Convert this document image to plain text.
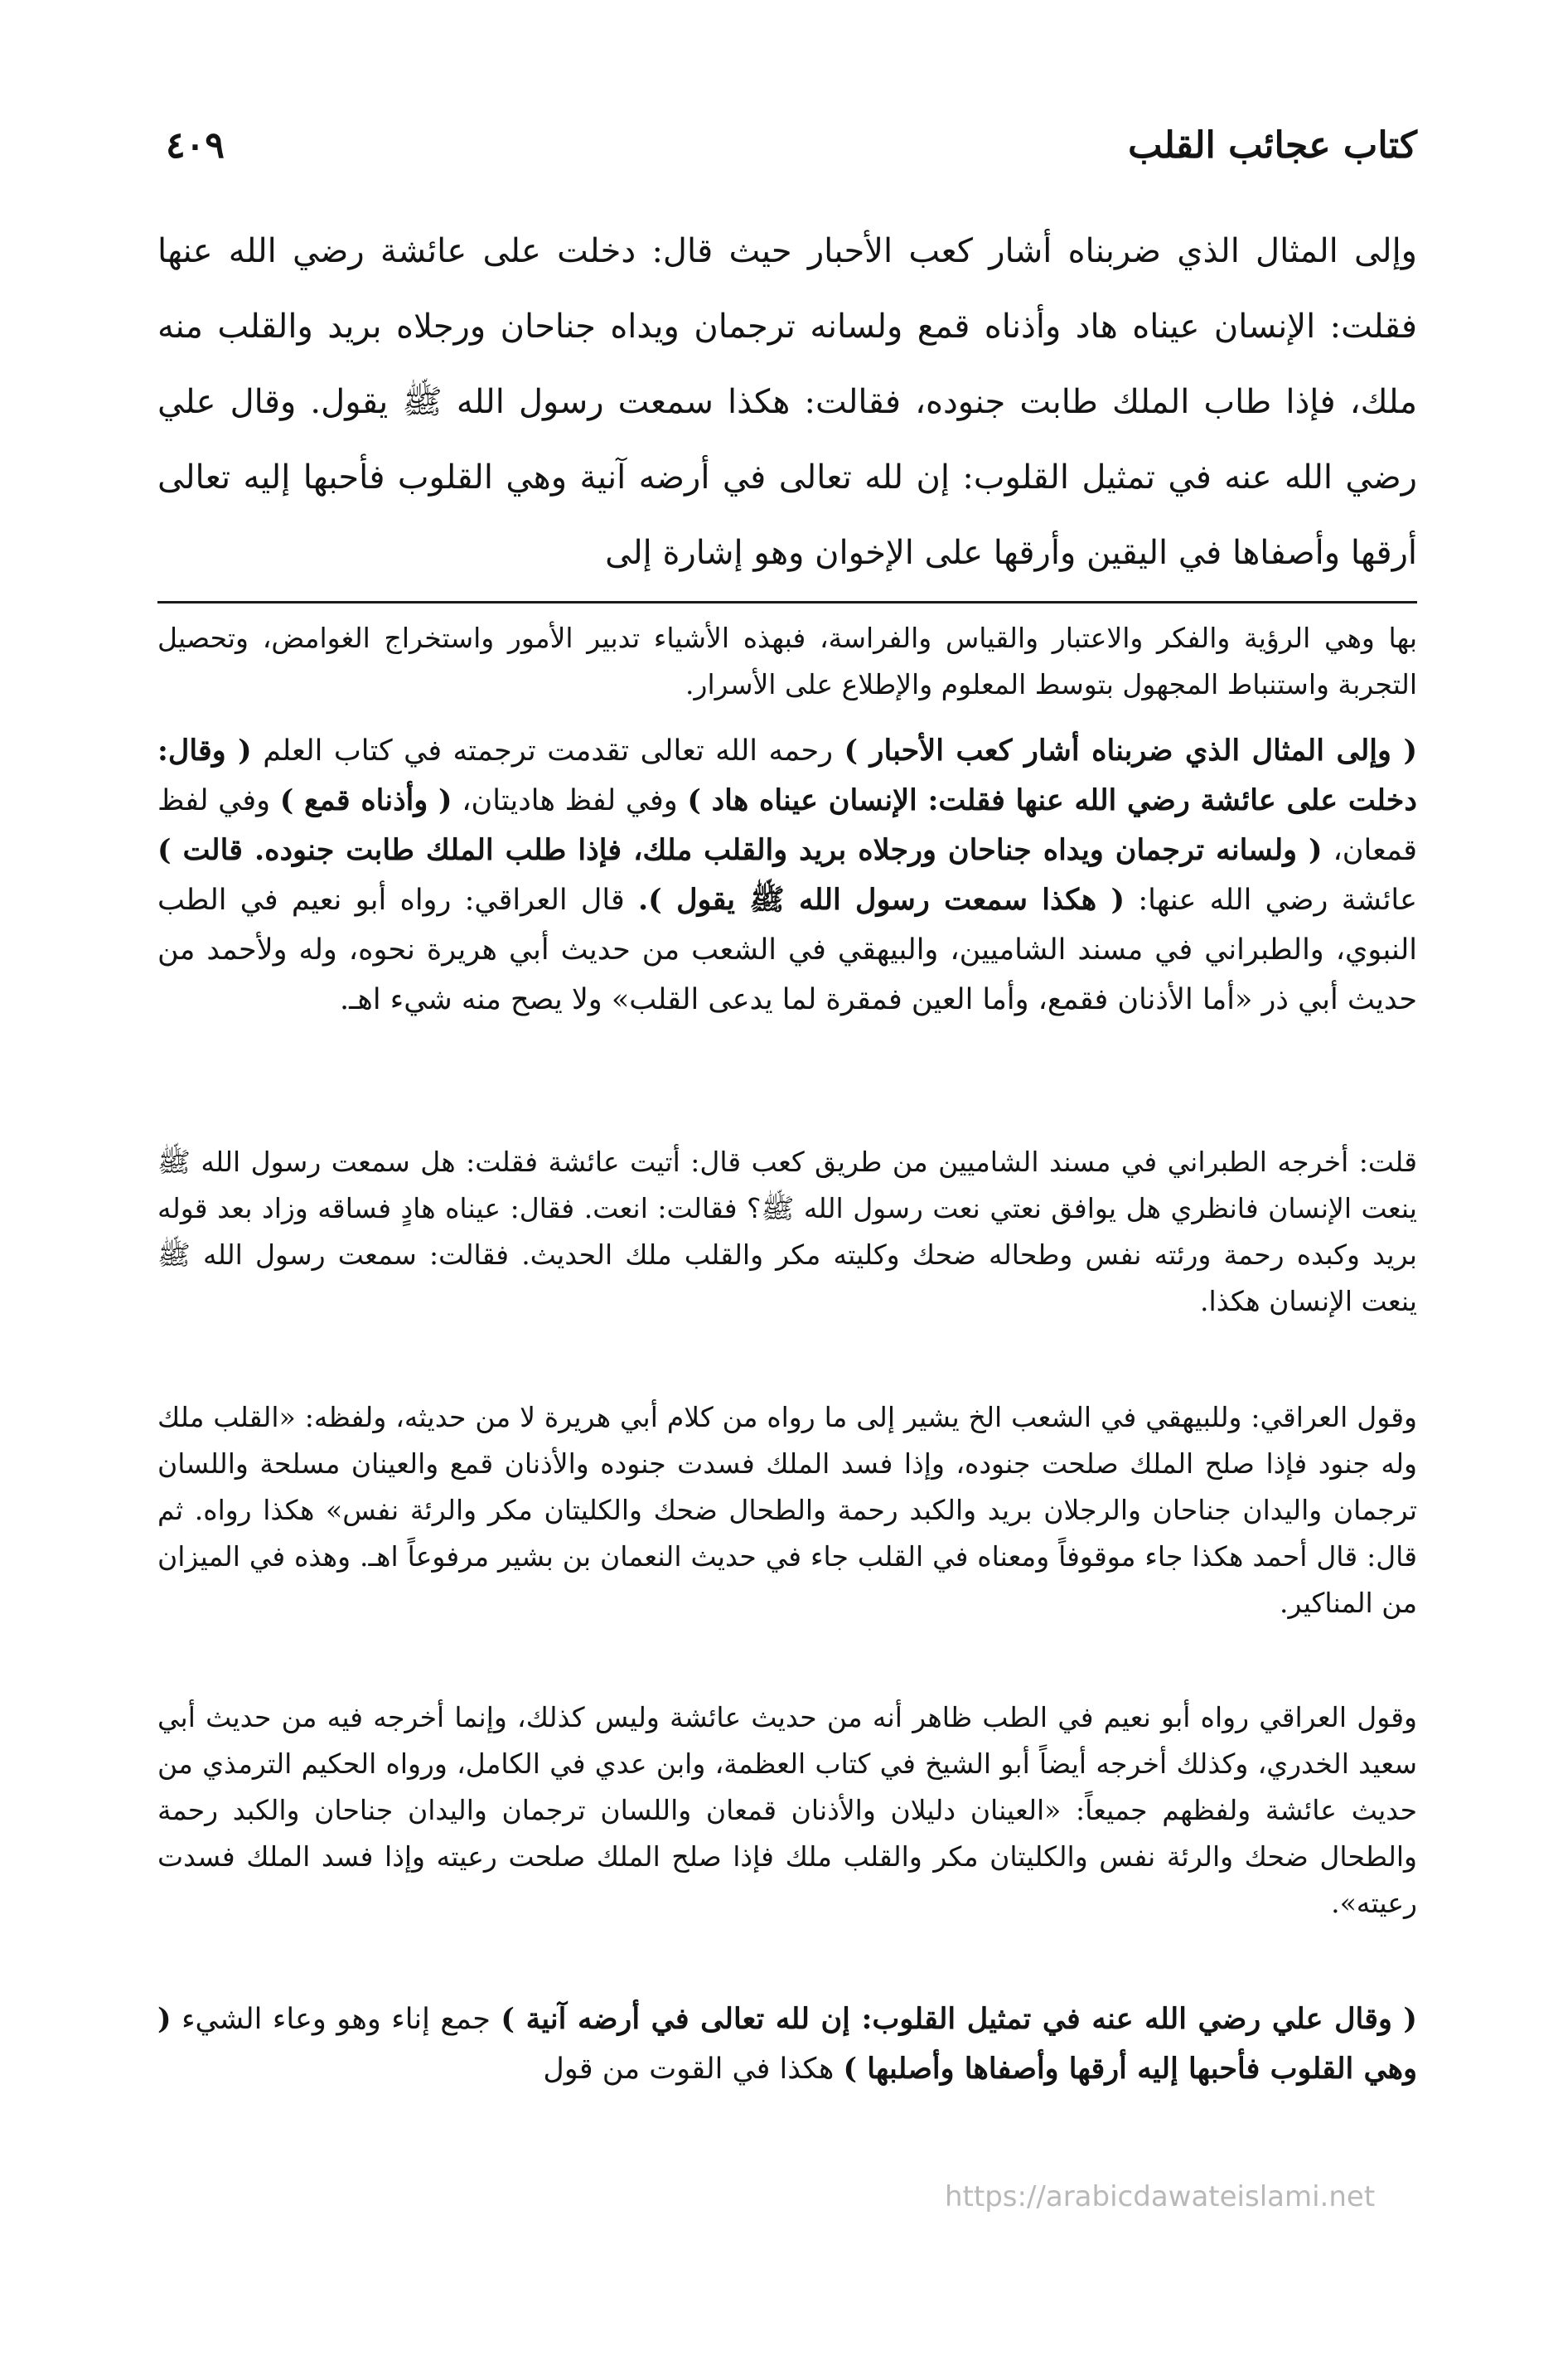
كتاب عجائب القلب
٤٠٩
وإلى المثال الذي ضربناه أشار كعب الأحبار حيث قال: دخلت على عائشة رضي الله عنها فقلت: الإنسان عيناه هاد وأذناه قمع ولسانه ترجمان ويداه جناحان ورجلاه بريد والقلب منه ملك، فإذا طاب الملك طابت جنوده، فقالت: هكذا سمعت رسول الله ﷺ يقول. وقال علي رضي الله عنه في تمثيل القلوب: إن لله تعالى في أرضه آنية وهي القلوب فأحبها إليه تعالى أرقها وأصفاها في اليقين وأرقها على الإخوان وهو إشارة إلى

بها وهي الرؤية والفكر والاعتبار والقياس والفراسة، فبهذه الأشياء تدبير الأمور واستخراج الغوامض، وتحصيل التجربة واستنباط المجهول بتوسط المعلوم والإطلاع على الأسرار.

( وإلى المثال الذي ضربناه أشار كعب الأحبار ) رحمه الله تعالى تقدمت ترجمته في كتاب العلم ( وقال: دخلت على عائشة رضي الله عنها فقلت: الإنسان عيناه هاد ) وفي لفظ هاديتان، ( وأذناه قمع ) وفي لفظ قمعان، ( ولسانه ترجمان ويداه جناحان ورجلاه بريد والقلب ملك، فإذا طلب الملك طابت جنوده. قالت ) عائشة رضي الله عنها: ( هكذا سمعت رسول الله ﷺ يقول ). قال العراقي: رواه أبو نعيم في الطب النبوي، والطبراني في مسند الشاميين، والبيهقي في الشعب من حديث أبي هريرة نحوه، وله ولأحمد من حديث أبي ذر «أما الأذنان فقمع، وأما العين فمقرة لما يدعى القلب» ولا يصح منه شيء اهـ.

قلت: أخرجه الطبراني في مسند الشاميين من طريق كعب قال: أتيت عائشة فقلت: هل سمعت رسول الله ﷺ ينعت الإنسان فانظري هل يوافق نعتي نعت رسول الله ﷺ؟ فقالت: انعت. فقال: عيناه هادٍ فساقه وزاد بعد قوله بريد وكبده رحمة ورئته نفس وطحاله ضحك وكليته مكر والقلب ملك الحديث. فقالت: سمعت رسول الله ﷺ ينعت الإنسان هكذا.

وقول العراقي: وللبيهقي في الشعب الخ يشير إلى ما رواه من كلام أبي هريرة لا من حديثه، ولفظه: «القلب ملك وله جنود فإذا صلح الملك صلحت جنوده، وإذا فسد الملك فسدت جنوده والأذنان قمع والعينان مسلحة واللسان ترجمان واليدان جناحان والرجلان بريد والكبد رحمة والطحال ضحك والكليتان مكر والرئة نفس» هكذا رواه. ثم قال: قال أحمد هكذا جاء موقوفاً ومعناه في القلب جاء في حديث النعمان بن بشير مرفوعاً اهـ. وهذه في الميزان من المناكير.

وقول العراقي رواه أبو نعيم في الطب ظاهر أنه من حديث عائشة وليس كذلك، وإنما أخرجه فيه من حديث أبي سعيد الخدري، وكذلك أخرجه أيضاً أبو الشيخ في كتاب العظمة، وابن عدي في الكامل، ورواه الحكيم الترمذي من حديث عائشة ولفظهم جميعاً: «العينان دليلان والأذنان قمعان واللسان ترجمان واليدان جناحان والكبد رحمة والطحال ضحك والرئة نفس والكليتان مكر والقلب ملك فإذا صلح الملك صلحت رعيته وإذا فسد الملك فسدت رعيته».

( وقال علي رضي الله عنه في تمثيل القلوب: إن لله تعالى في أرضه آنية ) جمع إناء وهو وعاء الشيء ( وهي القلوب فأحبها إليه أرقها وأصفاها وأصلبها ) هكذا في القوت من قول

https://arabicdawateislami.net
